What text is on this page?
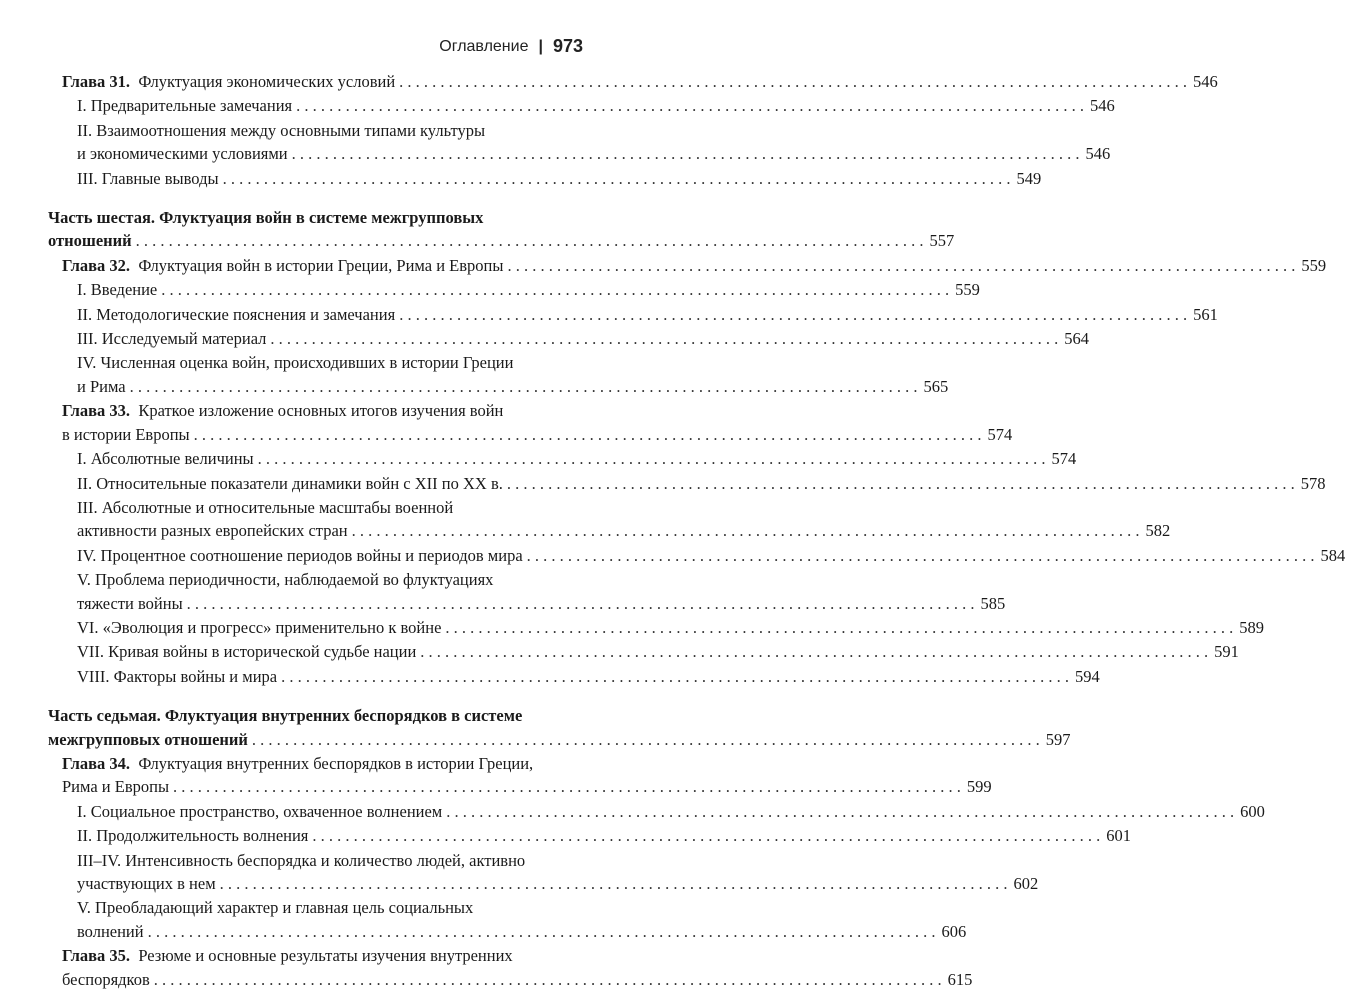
Оглавление | 973
Глава 31. Флуктуация экономических условий . . .	546
I. Предварительные замечания . . .	546
II. Взаимоотношения между основными типами культуры
и экономическими условиями . . .	546
III. Главные выводы . . .	549
Часть шестая. Флуктуация войн в системе межгрупповых
отношений . . .	557
Глава 32. Флуктуация войн в истории Греции, Рима и Европы . . .	559
I. Введение . . .	559
II. Методологические пояснения и замечания . . .	561
III. Исследуемый материал . . .	564
IV. Численная оценка войн, происходивших в истории Греции
и Рима . . .	565
Глава 33. Краткое изложение основных итогов изучения войн
в истории Европы . . .	574
I. Абсолютные величины . . .	574
II. Относительные показатели динамики войн с XII по XX в. . . .	578
III. Абсолютные и относительные масштабы военной
активности разных европейских стран . . .	582
IV. Процентное соотношение периодов войны и периодов мира . . .	584
V. Проблема периодичности, наблюдаемой во флуктуациях
тяжести войны . . .	585
VI. «Эволюция и прогресс» применительно к войне . . .	589
VII. Кривая войны в исторической судьбе нации . . .	591
VIII. Факторы войны и мира . . .	594
Часть седьмая. Флуктуация внутренних беспорядков в системе
межгрупповых отношений . . .	597
Глава 34. Флуктуация внутренних беспорядков в истории Греции,
Рима и Европы . . .	599
I. Социальное пространство, охваченное волнением . . .	600
II. Продолжительность волнения . . .	601
III–IV. Интенсивность беспорядка и количество людей, активно
участвующих в нем . . .	602
V. Преобладающий характер и главная цель социальных
волнений . . .	606
Глава 35. Резюме и основные результаты изучения внутренних
беспорядков . . .	615
